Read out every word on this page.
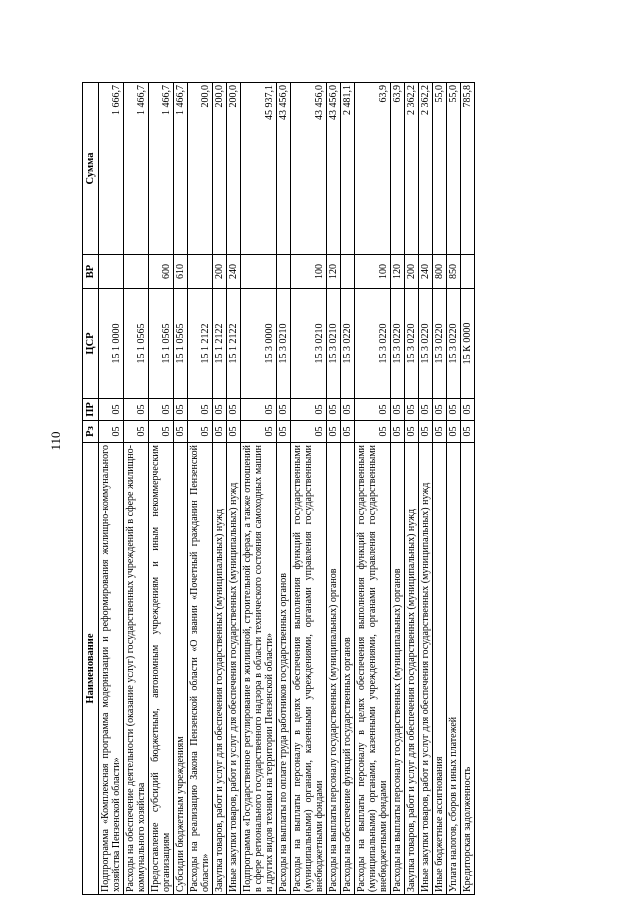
110
Наименование	Рз	ПР	ЦСР	ВР	Сумма
Подпрограмма «Комплексная программа модернизации и реформирования жилищно-коммунального хозяйства Пензенской области»	05	05	15 1 0000		1 666,7
Расходы на обеспечение деятельности (оказание услуг) государственных учреждений в сфере жилищно-коммунального хозяйства	05	05	15 1 0565		1 466,7
Предоставление субсидий бюджетным, автономным учреждениям и иным некоммерческим организациям	05	05	15 1 0565	600	1 466,7
Субсидии бюджетным учреждениям	05	05	15 1 0565	610	1 466,7
Расходы на реализацию Закона Пензенской области «О звании «Почетный гражданин Пензенской области»	05	05	15 1 2122		200,0
Закупка товаров, работ и услуг для обеспечения государственных (муниципальных) нужд	05	05	15 1 2122	200	200,0
Иные закупки товаров, работ и услуг для обеспечения государственных (муниципальных) нужд	05	05	15 1 2122	240	200,0
Подпрограмма «Государственное регулирование в жилищной, строительной сферах, а также отношений в сфере регионального государственного надзора в области технического состояния самоходных машин и других видов техники на территории Пензенской области»	05	05	15 3 0000		45 937,1
Расходы на выплаты по оплате труда работников государственных органов	05	05	15 3 0210		43 456,0
Расходы на выплаты персоналу в целях обеспечения выполнения функций государственными (муниципальными) органами, казенными учреждениями, органами управления государственными внебюджетными фондами	05	05	15 3 0210	100	43 456,0
Расходы на выплаты персоналу государственных (муниципальных) органов	05	05	15 3 0210	120	43 456,0
Расходы на обеспечение функций государственных органов	05	05	15 3 0220		2 481,1
Расходы на выплаты персоналу в целях обеспечения выполнения функций государственными (муниципальными) органами, казенными учреждениями, органами управления государственными внебюджетными фондами	05	05	15 3 0220	100	63,9
Расходы на выплаты персоналу государственных (муниципальных) органов	05	05	15 3 0220	120	63,9
Закупка товаров, работ и услуг для обеспечения государственных (муниципальных) нужд	05	05	15 3 0220	200	2 362,2
Иные закупки товаров, работ и услуг для обеспечения государственных (муниципальных) нужд	05	05	15 3 0220	240	2 362,2
Иные бюджетные ассигнования	05	05	15 3 0220	800	55,0
Уплата налогов, сборов и иных платежей	05	05	15 3 0220	850	55,0
Кредиторская задолженность	05	05	15 К 0000		785,8
